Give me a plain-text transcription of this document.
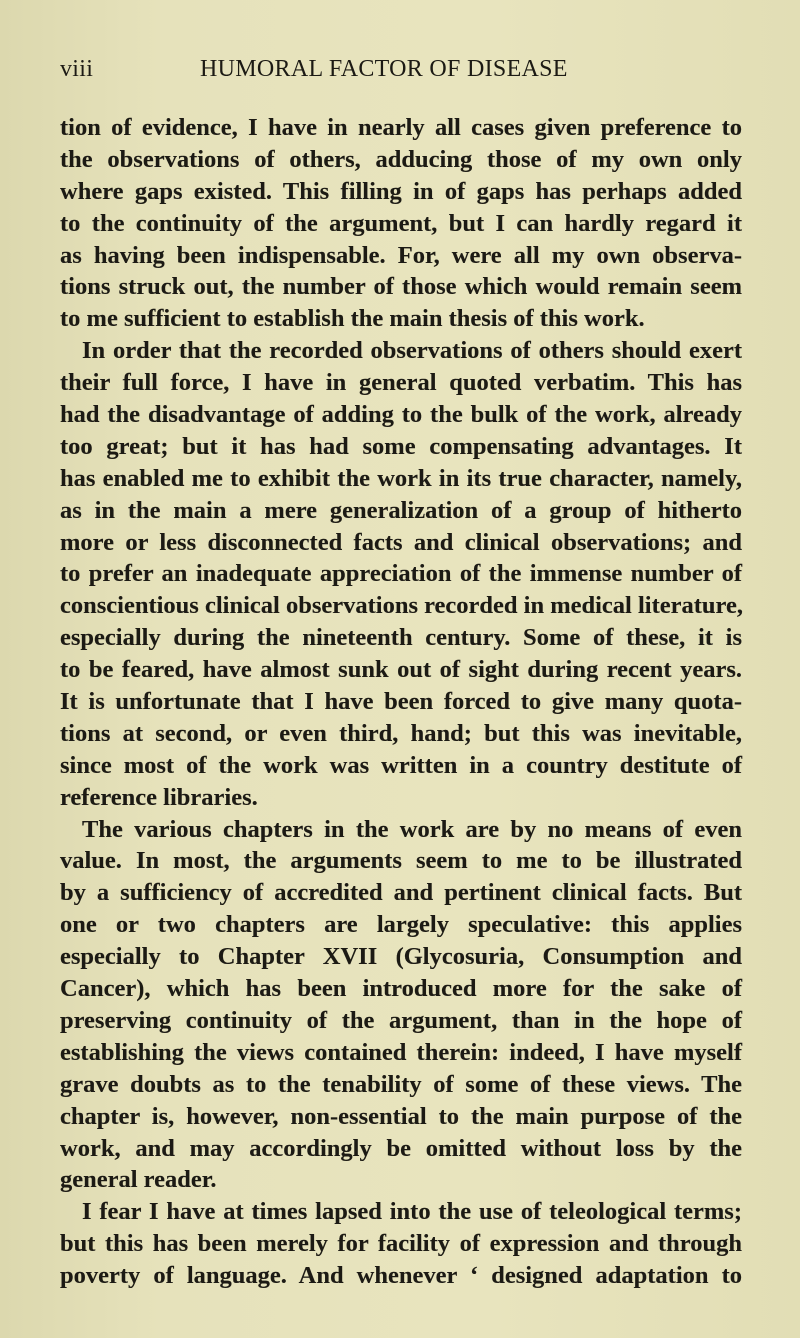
viii	HUMORAL FACTOR OF DISEASE
tion of evidence, I have in nearly all cases given preference to
the observations of others, adducing those of my own only
where gaps existed. This filling in of gaps has perhaps added
to the continuity of the argument, but I can hardly regard it
as having been indispensable. For, were all my own observa-
tions struck out, the number of those which would remain seem
to me sufficient to establish the main thesis of this work.
In order that the recorded observations of others should exert
their full force, I have in general quoted verbatim. This has
had the disadvantage of adding to the bulk of the work, already
too great; but it has had some compensating advantages. It
has enabled me to exhibit the work in its true character, namely,
as in the main a mere generalization of a group of hitherto
more or less disconnected facts and clinical observations; and
to prefer an inadequate appreciation of the immense number of
conscientious clinical observations recorded in medical literature,
especially during the nineteenth century. Some of these, it is
to be feared, have almost sunk out of sight during recent years.
It is unfortunate that I have been forced to give many quota-
tions at second, or even third, hand; but this was inevitable,
since most of the work was written in a country destitute of
reference libraries.
The various chapters in the work are by no means of even
value. In most, the arguments seem to me to be illustrated
by a sufficiency of accredited and pertinent clinical facts. But
one or two chapters are largely speculative: this applies
especially to Chapter XVII (Glycosuria, Consumption and
Cancer), which has been introduced more for the sake of
preserving continuity of the argument, than in the hope of
establishing the views contained therein: indeed, I have myself
grave doubts as to the tenability of some of these views. The
chapter is, however, non-essential to the main purpose of the
work, and may accordingly be omitted without loss by the
general reader.
I fear I have at times lapsed into the use of teleological terms;
but this has been merely for facility of expression and through
poverty of language. And whenever ‘ designed adaptation to
